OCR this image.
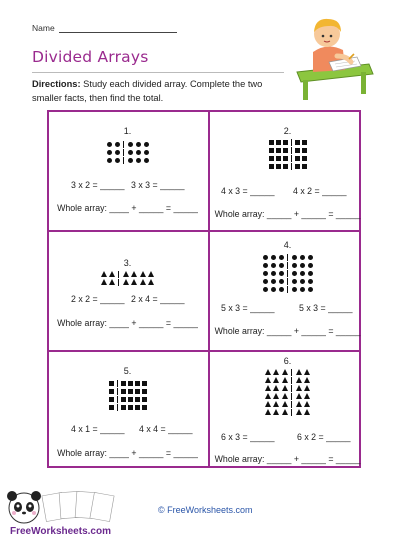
Name
Divided Arrays
Directions: Study each divided array. Complete the two smaller facts, then find the total.
1.
3 x 2 = _____ 3 x 3 = _____
Whole array: ____ + _____ = _____
2.
4 x 3 = _____ 4 x 2 = _____
Whole array: _____ + _____ = _____
3.
2 x 2 = _____ 2 x 4 = _____
Whole array: ____ + _____ = _____
4.
5 x 3 = _____	5 x 3 = _____
Whole array: _____ + _____ = _____
5.
4 x 1 = _____ 4 x 4 = _____
Whole array: ____ + _____ = _____
6.
6 x 3 = _____	6 x 2 = _____
Whole array: _____ + _____ = _____
FreeWorksheets.com
© FreeWorksheets.com
